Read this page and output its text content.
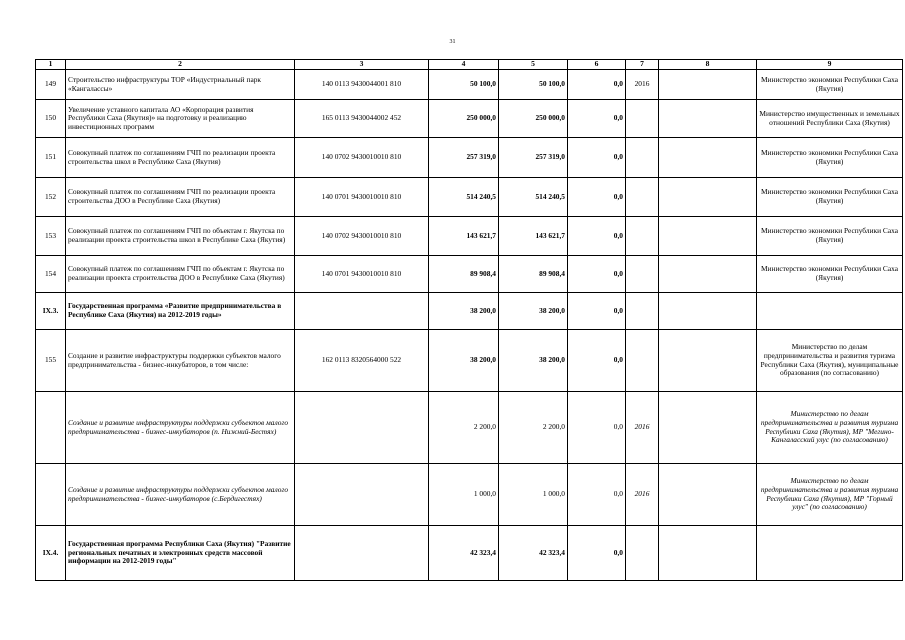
31
1	2	3	4	5	6	7	8	9
149	Строительство инфраструктуры ТОР «Индустриальный парк «Кангалассы»	140 0113 9430044001 810	50 100,0	50 100,0	0,0	2016		Министерство экономики Республики Саха (Якутия)
150	Увеличение уставного капитала АО «Корпорация развития Республики Саха (Якутия)» на подготовку и реализацию инвестиционных программ	165 0113 9430044002 452	250 000,0	250 000,0	0,0			Министерство имущественных и земельных отношений Республики Саха (Якутия)
151	Совокупный платеж по соглашениям ГЧП по реализации проекта строительства школ в Республике Саха (Якутия)	140 0702 9430010010 810	257 319,0	257 319,0	0,0			Министерство экономики Республики Саха (Якутия)
152	Совокупный платеж по соглашениям ГЧП по реализации проекта строительства ДОО в Республике Саха (Якутия)	140 0701 9430010010 810	514 240,5	514 240,5	0,0			Министерство экономики Республики Саха (Якутия)
153	Совокупный платеж по соглашениям ГЧП по объектам г. Якутска по реализации проекта строительства школ в Республике Саха (Якутия)	140 0702 9430010010 810	143 621,7	143 621,7	0,0			Министерство экономики Республики Саха (Якутия)
154	Совокупный платеж по соглашениям ГЧП по объектам г. Якутска по реализации проекта строительства ДОО в Республике Саха (Якутия)	140 0701 9430010010 810	89 908,4	89 908,4	0,0			Министерство экономики Республики Саха (Якутия)
IX.3.	Государственная программа «Развитие предпринимательства в Республике Саха (Якутия) на 2012-2019 годы»		38 200,0	38 200,0	0,0			
155	Создание и развитие инфраструктуры поддержки субъектов малого предпринимательства - бизнес-инкубаторов, в том числе:	162 0113 8320564000 522	38 200,0	38 200,0	0,0			Министерство по делам предпринимательства и развития туризма Республики Саха (Якутия), муниципальные образования (по согласованию)
	Создание и развитие инфраструктуры поддержки субъектов малого предпринимательства - бизнес-инкубаторов (п. Нижний-Бестях)		2 200,0	2 200,0	0,0	2016		Министерство по делам предпринимательства и развития туризма Республики Саха (Якутия), МР "Мегино-Кангаласский улус (по согласованию)
	Создание и развитие инфраструктуры поддержки субъектов малого предпринимательства - бизнес-инкубаторов (с.Бердигестях)		1 000,0	1 000,0	0,0	2016		Министерство по делам предпринимательства и развития туризма Республики Саха (Якутия), МР "Горный улус" (по согласованию)
IX.4.	Государственная программа Республики Саха (Якутия) "Развитие региональных печатных и электронных средств массовой информации на 2012-2019 годы"		42 323,4	42 323,4	0,0			
